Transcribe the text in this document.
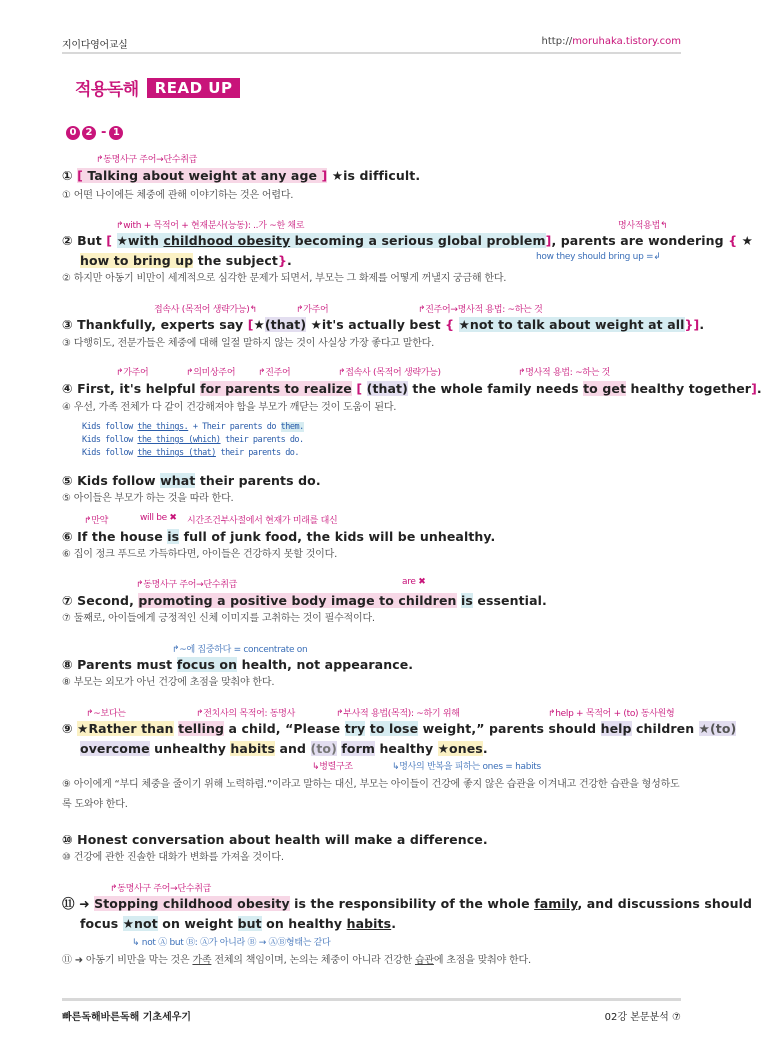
지이다영어교실	http://moruhaka.tistory.com
적용독해	READ UP
0 2 - 1
↱동명사구 주어→단수취급
① [ Talking about weight at any age ] ★is difficult.
① 어떤 나이에든 체중에 관해 이야기하는 것은 어렵다.
↱with + 목적어 + 현재분사(능동): ..가 ~한 채로	명사적용법↰
② But [ ★with childhood obesity becoming a serious global problem], parents are wondering { ★
how to bring up the subject}.	how they should bring up =↲
② 하지만 아동기 비만이 세계적으로 심각한 문제가 되면서, 부모는 그 화제를 어떻게 꺼낼지 궁금해 한다.
접속사 (목적어 생략가능)↰	↱가주어	↱진주어→명사적 용법: ~하는 것
③ Thankfully, experts say [★(that) ★it's actually best { ★not to talk about weight at all}].
③ 다행히도, 전문가들은 체중에 대해 일절 말하지 않는 것이 사실상 가장 좋다고 말한다.
↱가주어	↱의미상주어	↱진주어	↱접속사 (목적어 생략가능)	↱명사적 용법: ~하는 것
④ First, it's helpful for parents to realize [ (that) the whole family needs to get healthy together].
④ 우선, 가족 전체가 다 같이 건강해져야 함을 부모가 깨닫는 것이 도움이 된다.
Kids follow the things. + Their parents do them.
Kids follow the things (which) their parents do.
Kids follow the things (that) their parents do.
⑤ Kids follow what their parents do.
⑤ 아이들은 부모가 하는 것을 따라 한다.
↱만약	will be ✖ 시간조건부사절에서 현재가 미래를 대신
⑥ If the house is full of junk food, the kids will be unhealthy.
⑥ 집이 정크 푸드로 가득하다면, 아이들은 건강하지 못할 것이다.
↱동명사구 주어→단수취급	are ✖
⑦ Second, promoting a positive body image to children is essential.
⑦ 둘째로, 아이들에게 긍정적인 신체 이미지를 고취하는 것이 필수적이다.
↱~에 집중하다 = concentrate on
⑧ Parents must focus on health, not appearance.
⑧ 부모는 외모가 아닌 건강에 초점을 맞춰야 한다.
↱~보다는	↱전치사의 목적어: 동명사	↱부사적 용법(목적): ~하기 위해	↱help + 목적어 + (to) 동사원형
⑨ ★Rather than telling a child, “Please try to lose weight,” parents should help children ★(to)
overcome unhealthy habits and (to) form healthy ★ones.
↳병렬구조	↳명사의 반복을 피하는 ones = habits
⑨ 아이에게 “부디 체중을 줄이기 위해 노력하렴.”이라고 말하는 대신, 부모는 아이들이 건강에 좋지 않은 습관을 이겨내고 건강한 습관을 형성하도록 도와야 한다.
⑩ Honest conversation about health will make a difference.
⑩ 건강에 관한 진솔한 대화가 변화를 가져올 것이다.
↱동명사구 주어→단수취급
⑪ ➜ Stopping childhood obesity is the responsibility of the whole family, and discussions should
focus ★not on weight but on healthy habits.
↳ not Ⓐ but Ⓑ: Ⓐ가 아니라 Ⓑ → ⒶⒷ형태는 같다
⑪ ➜ 아동기 비만을 막는 것은 가족 전체의 책임이며, 논의는 체중이 아니라 건강한 습관에 초점을 맞춰야 한다.
빠른독해바른독해 기초세우기	02강 본문분석 ⑦
